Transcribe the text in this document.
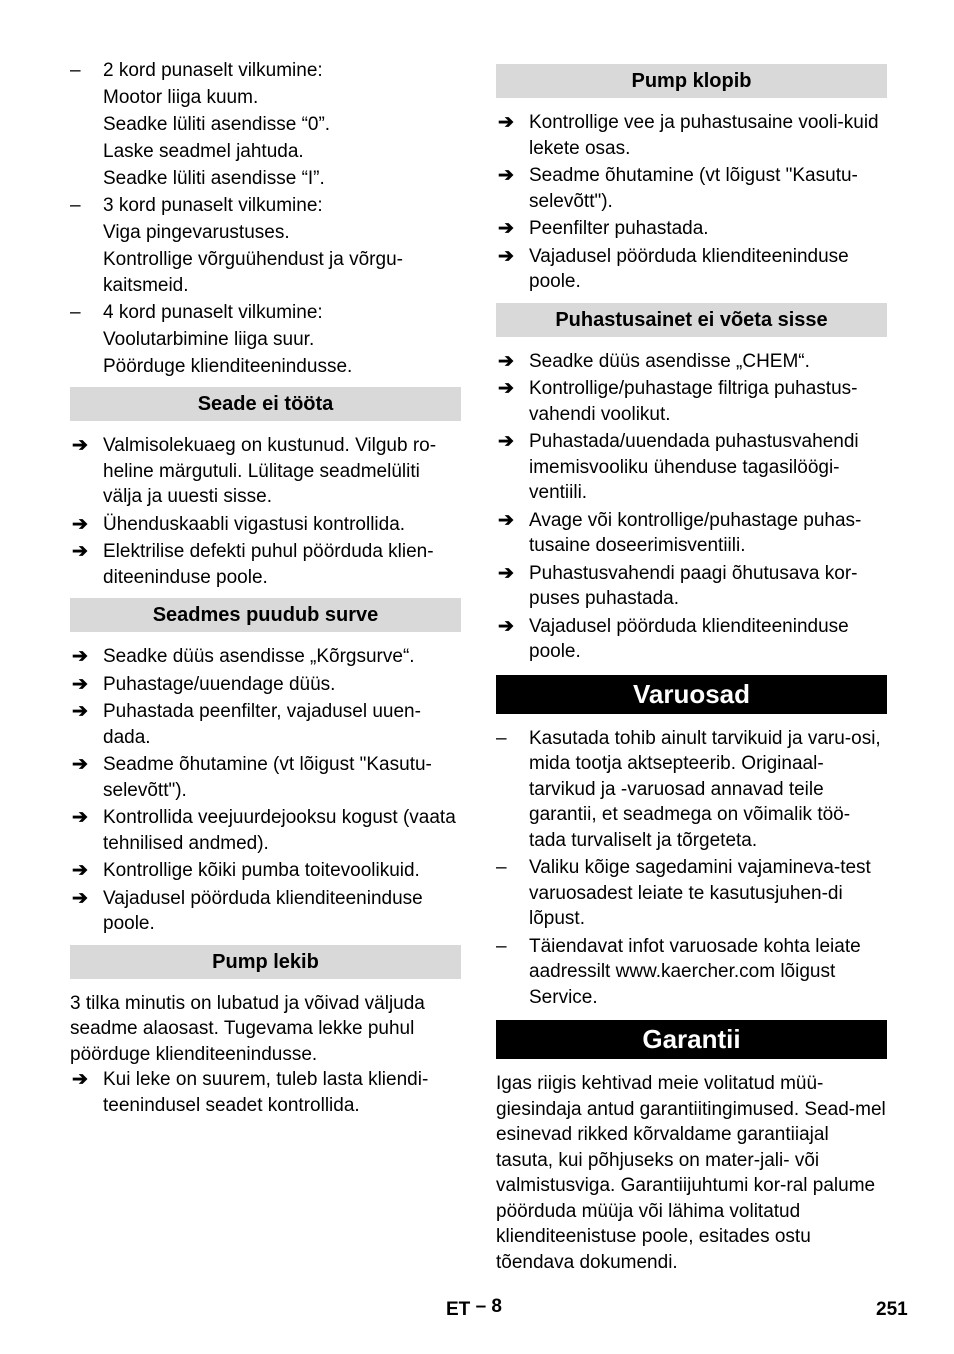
–	2 kord punaselt vilkumine:

Mootor liiga kuum.

Seadke lüliti asendisse “0”.

Laske seadmel jahtuda.

Seadke lüliti asendisse “I”.

–	3 kord punaselt vilkumine:

Viga pingevarustuses.

Kontrollige võrguühendust ja võrgu-kaitsmeid.

–	4 kord punaselt vilkumine:

Voolutarbimine liiga suur.

Pöörduge klienditeenindusse.

Seade ei tööta
➔ Valmisolekuaeg on kustunud. Vilgub ro-heline märgutuli. Lülitage seadmelüliti välja ja uuesti sisse.
➔ Ühenduskaabli vigastusi kontrollida.
➔ Elektrilise defekti puhul pöörduda klien-diteeninduse poole.
Seadmes puudub surve
➔ Seadke düüs asendisse „Kõrgsurve“.
➔ Puhastage/uuendage düüs.
➔ Puhastada peenfilter, vajadusel uuen-dada.
➔ Seadme õhutamine (vt lõigust "Kasutu-selevõtt").
➔ Kontrollida veejuurdejooksu kogust (vaata tehnilised andmed).
➔ Kontrollige kõiki pumba toitevoolikuid.
➔ Vajadusel pöörduda klienditeeninduse poole.
Pump lekib

3 tilka minutis on lubatud ja võivad väljuda seadme alaosast. Tugevama lekke puhul pöörduge klienditeenindusse.

➔ Kui leke on suurem, tuleb lasta kliendi-teenindusel seadet kontrollida.
Pump klopib
➔ Kontrollige vee ja puhastusaine vooli-kuid lekete osas.
➔ Seadme õhutamine (vt lõigust "Kasutu-selevõtt").
➔ Peenfilter puhastada.
➔ Vajadusel pöörduda klienditeeninduse poole.
Puhastusainet ei võeta sisse
➔ Seadke düüs asendisse „CHEM“.
➔ Kontrollige/puhastage filtriga puhastus-vahendi voolikut.
➔ Puhastada/uuendada puhastusvahendi imemisvooliku ühenduse tagasilöögi-ventiili.
➔ Avage või kontrollige/puhastage puhas-tusaine doseerimisventiili.
➔ Puhastusvahendi paagi õhutusava kor-puses puhastada.
➔ Vajadusel pöörduda klienditeeninduse poole.
Varuosad
–	Kasutada tohib ainult tarvikuid ja varu-osi, mida tootja aktsepteerib. Originaal-tarvikud ja -varuosad annavad teile garantii, et seadmega on võimalik töö-tada turvaliselt ja tõrgeteta.
–	Valiku kõige sagedamini vajamineva-test varuosadest leiate te kasutusjuhen-di lõpust.
–	Täiendavat infot varuosade kohta leiate aadressilt www.kaercher.com lõigust Service.
Garantii

Igas riigis kehtivad meie volitatud müü-giesindaja antud garantiitingimused. Sead-mel esinevad rikked kõrvaldame garantiiajal tasuta, kui põhjuseks on mater-jali- või valmistusviga. Garantiijuhtumi kor-ral palume pöörduda müüja või lähima volitatud klienditeenistuse poole, esitades ostu tõendava dokumendi.

ET – 8	251
